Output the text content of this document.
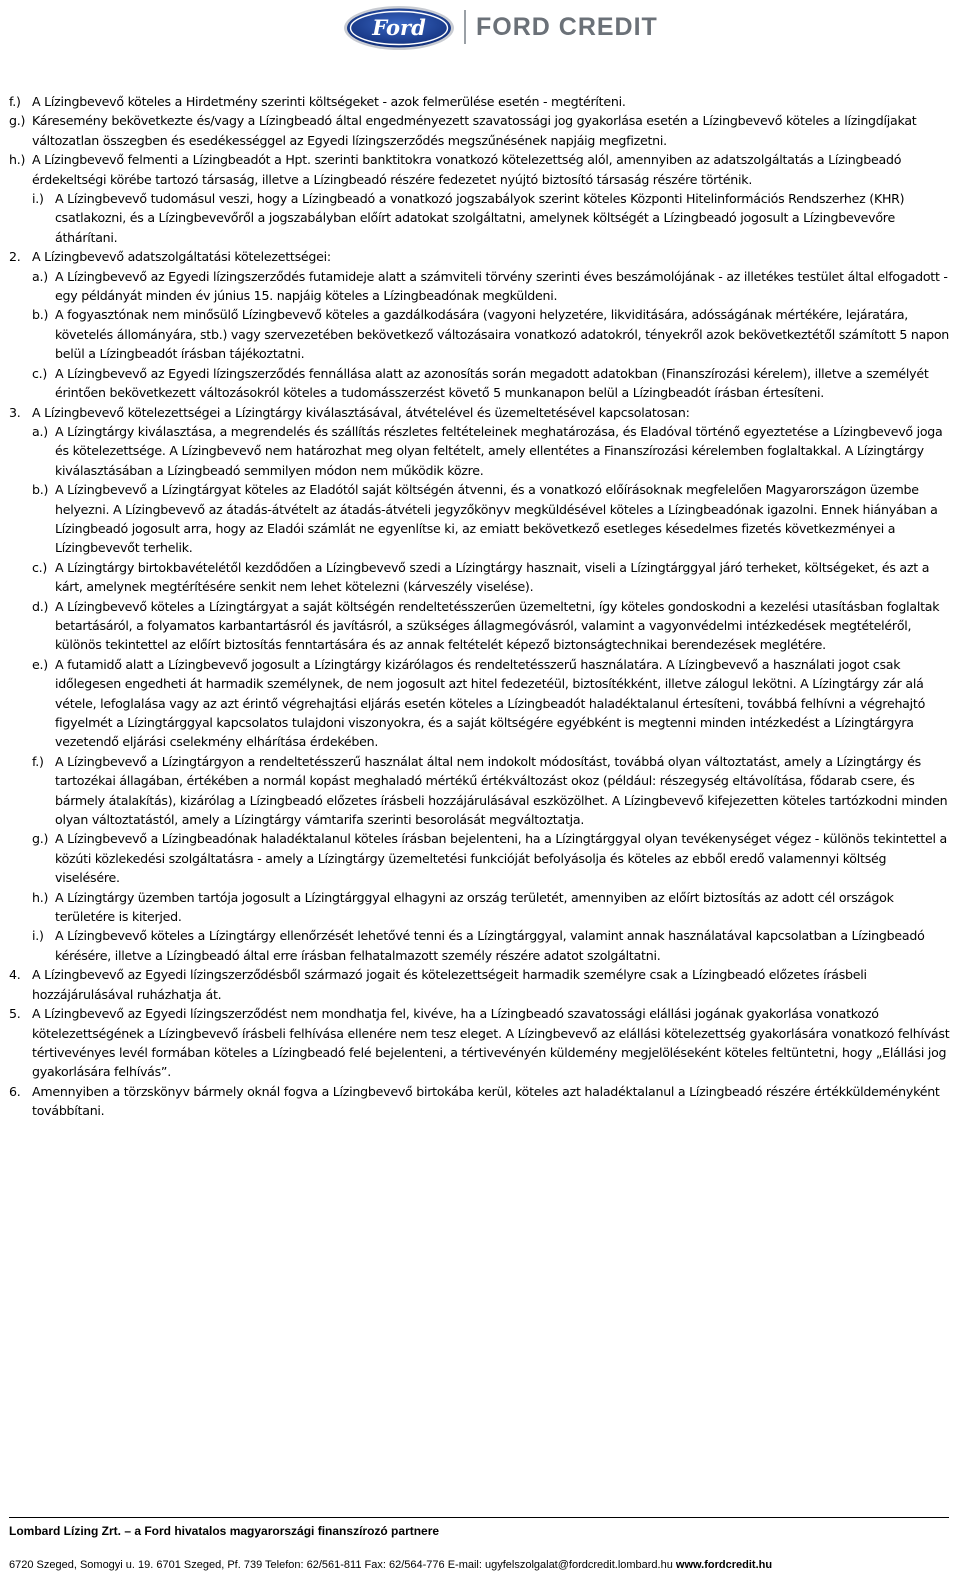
Ford FORD CREDIT
f.) A Lízingbevevő köteles a Hirdetmény szerinti költségeket - azok felmerülése esetén - megtéríteni.
g.) Káresemény bekövetkezte és/vagy a Lízingbeadó által engedményezett szavatossági jog gyakorlása esetén a Lízingbevevő köteles a lízingdíjakat változatlan összegben és esedékességgel az Egyedi lízingszerződés megszűnésének napjáig megfizetni.
h.) A Lízingbevevő felmenti a Lízingbeadót a Hpt. szerinti banktitokra vonatkozó kötelezettség alól, amennyiben az adatszolgáltatás a Lízingbeadó érdekeltségi körébe tartozó társaság, illetve a Lízingbeadó részére fedezetet nyújtó biztosító társaság részére történik.
i.) A Lízingbevevő tudomásul veszi, hogy a Lízingbeadó a vonatkozó jogszabályok szerint köteles Központi Hitelinformációs Rendszerhez (KHR) csatlakozni, és a Lízingbevevőről a jogszabályban előírt adatokat szolgáltatni, amelynek költségét a Lízingbeadó jogosult a Lízingbevevőre áthárítani.
2. A Lízingbevevő adatszolgáltatási kötelezettségei:
a.) A Lízingbevevő az Egyedi lízingszerződés futamideje alatt a számviteli törvény szerinti éves beszámolójának - az illetékes testület által elfogadott - egy példányát minden év június 15. napjáig köteles a Lízingbeadónak megküldeni.
b.) A fogyasztónak nem minősülő Lízingbevevő köteles a gazdálkodására (vagyoni helyzetére, likviditására, adósságának mértékére, lejáratára, követelés állományára, stb.) vagy szervezetében bekövetkező változásaira vonatkozó adatokról, tényekről azok bekövetkeztétől számított 5 napon belül a Lízingbeadót írásban tájékoztatni.
c.) A Lízingbevevő az Egyedi lízingszerződés fennállása alatt az azonosítás során megadott adatokban (Finanszírozási kérelem), illetve a személyét érintően bekövetkezett változásokról köteles a tudomásszerzést követő 5 munkanapon belül a Lízingbeadót írásban értesíteni.
3. A Lízingbevevő kötelezettségei a Lízingtárgy kiválasztásával, átvételével és üzemeltetésével kapcsolatosan:
a.) A Lízingtárgy kiválasztása, a megrendelés és szállítás részletes feltételeinek meghatározása, és Eladóval történő egyeztetése a Lízingbevevő joga és kötelezettsége. A Lízingbevevő nem határozhat meg olyan feltételt, amely ellentétes a Finanszírozási kérelemben foglaltakkal. A Lízingtárgy kiválasztásában a Lízingbeadó semmilyen módon nem működik közre.
b.) A Lízingbevevő a Lízingtárgyat köteles az Eladótól saját költségén átvenni, és a vonatkozó előírásoknak megfelelően Magyarországon üzembe helyezni. A Lízingbevevő az átadás-átvételt az átadás-átvételi jegyzőkönyv megküldésével köteles a Lízingbeadónak igazolni. Ennek hiányában a Lízingbeadó jogosult arra, hogy az Eladói számlát ne egyenlítse ki, az emiatt bekövetkező esetleges késedelmes fizetés következményei a Lízingbevevőt terhelik.
c.) A Lízingtárgy birtokbavételétől kezdődően a Lízingbevevő szedi a Lízingtárgy hasznait, viseli a Lízingtárggyal járó terheket, költségeket, és azt a kárt, amelynek megtérítésére senkit nem lehet kötelezni (kárveszély viselése).
d.) A Lízingbevevő köteles a Lízingtárgyat a saját költségén rendeltetésszerűen üzemeltetni, így köteles gondoskodni a kezelési utasításban foglaltak betartásáról, a folyamatos karbantartásról és javításról, a szükséges állagmegóvásról, valamint a vagyonvédelmi intézkedések megtételéről, különös tekintettel az előírt biztosítás fenntartására és az annak feltételét képező biztonságtechnikai berendezések meglétére.
e.) A futamidő alatt a Lízingbevevő jogosult a Lízingtárgy kizárólagos és rendeltetésszerű használatára. A Lízingbevevő a használati jogot csak időlegesen engedheti át harmadik személynek, de nem jogosult azt hitel fedezetéül, biztosítékként, illetve zálogul lekötni. A Lízingtárgy zár alá vétele, lefoglalása vagy az azt érintő végrehajtási eljárás esetén köteles a Lízingbeadót haladéktalanul értesíteni, továbbá felhívni a végrehajtó figyelmét a Lízingtárggyal kapcsolatos tulajdoni viszonyokra, és a saját költségére egyébként is megtenni minden intézkedést a Lízingtárgyra vezetendő eljárási cselekmény elhárítása érdekében.
f.) A Lízingbevevő a Lízingtárgyon a rendeltetésszerű használat által nem indokolt módosítást, továbbá olyan változtatást, amely a Lízingtárgy és tartozékai állagában, értékében a normál kopást meghaladó mértékű értékváltozást okoz (például: részegység eltávolítása, fődarab csere, és bármely átalakítás), kizárólag a Lízingbeadó előzetes írásbeli hozzájárulásával eszközölhet. A Lízingbevevő kifejezetten köteles tartózkodni minden olyan változtatástól, amely a Lízingtárgy vámtarifa szerinti besorolását megváltoztatja.
g.) A Lízingbevevő a Lízingbeadónak haladéktalanul köteles írásban bejelenteni, ha a Lízingtárggyal olyan tevékenységet végez - különös tekintettel a közúti közlekedési szolgáltatásra - amely a Lízingtárgy üzemeltetési funkcióját befolyásolja és köteles az ebből eredő valamennyi költség viselésére.
h.) A Lízingtárgy üzemben tartója jogosult a Lízingtárggyal elhagyni az ország területét, amennyiben az előírt biztosítás az adott cél országok területére is kiterjed.
i.) A Lízingbevevő köteles a Lízingtárgy ellenőrzését lehetővé tenni és a Lízingtárggyal, valamint annak használatával kapcsolatban a Lízingbeadó kérésére, illetve a Lízingbeadó által erre írásban felhatalmazott személy részére adatot szolgáltatni.
4. A Lízingbevevő az Egyedi lízingszerződésből származó jogait és kötelezettségeit harmadik személyre csak a Lízingbeadó előzetes írásbeli hozzájárulásával ruházhatja át.
5. A Lízingbevevő az Egyedi lízingszerződést nem mondhatja fel, kivéve, ha a Lízingbeadó szavatossági elállási jogának gyakorlása vonatkozó kötelezettségének a Lízingbevevő írásbeli felhívása ellenére nem tesz eleget. A Lízingbevevő az elállási kötelezettség gyakorlására vonatkozó felhívást tértivevényes levél formában köteles a Lízingbeadó felé bejelenteni, a tértivevényén küldemény megjelöléseként köteles feltüntetni, hogy „Elállási jog gyakorlására felhívás”.
6. Amennyiben a törzskönyv bármely oknál fogva a Lízingbevevő birtokába kerül, köteles azt haladéktalanul a Lízingbeadó részére értékküldeményként továbbítani.
Lombard Lízing Zrt. – a Ford hivatalos magyarországi finanszírozó partnere
6720 Szeged, Somogyi u. 19. 6701 Szeged, Pf. 739 Telefon: 62/561-811 Fax: 62/564-776 E-mail: ugyfelszolgalat@fordcredit.lombard.hu www.fordcredit.hu
